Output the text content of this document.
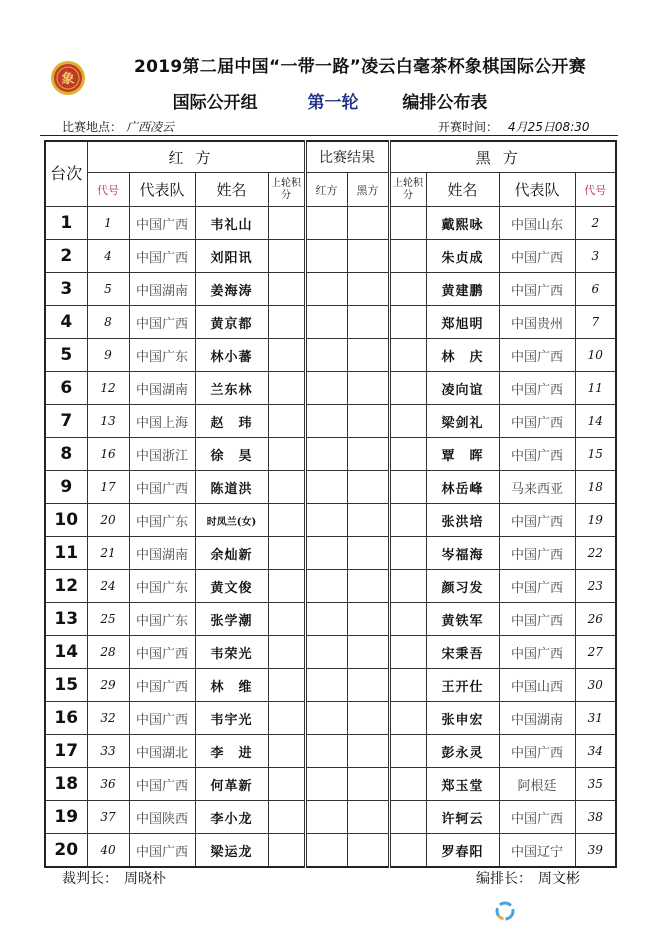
象
2019第二届中国“一带一路”凌云白毫茶杯象棋国际公开赛
国际公开组	第一轮	编排公布表
比赛地点： 广西凌云	开赛时间： 4月25日08:30
台次	红方				比赛结果		黑方			
	代号	代表队	姓名	上轮积分	红方	黑方	上轮积分	姓名	代表队	代号
1	1	中国广西	韦礼山					戴熙咏	中国山东	2
2	4	中国广西	刘阳讯					朱贞成	中国广西	3
3	5	中国湖南	姜海涛					黄建鹏	中国广西	6
4	8	中国广西	黄京都					郑旭明	中国贵州	7
5	9	中国广东	林小蕃					林　庆	中国广西	10
6	12	中国湖南	兰东林					凌向谊	中国广西	11
7	13	中国上海	赵　玮					梁剑礼	中国广西	14
8	16	中国浙江	徐　昊					覃　晖	中国广西	15
9	17	中国广西	陈道洪					林岳峰	马来西亚	18
10	20	中国广东	时凤兰(女)					张洪培	中国广西	19
11	21	中国湖南	余灿新					岑福海	中国广西	22
12	24	中国广东	黄文俊					颜习发	中国广西	23
13	25	中国广东	张学潮					黄铁军	中国广西	26
14	28	中国广西	韦荣光					宋秉吾	中国广西	27
15	29	中国广西	林　维					王开仕	中国山西	30
16	32	中国广西	韦宇光					张申宏	中国湖南	31
17	33	中国湖北	李　进					彭永灵	中国广西	34
18	36	中国广西	何革新					郑玉堂	阿根廷	35
19	37	中国陕西	李小龙					许轲云	中国广西	38
20	40	中国广西	梁运龙					罗春阳	中国辽宁	39
裁判长： 周晓朴	编排长： 周文彬
